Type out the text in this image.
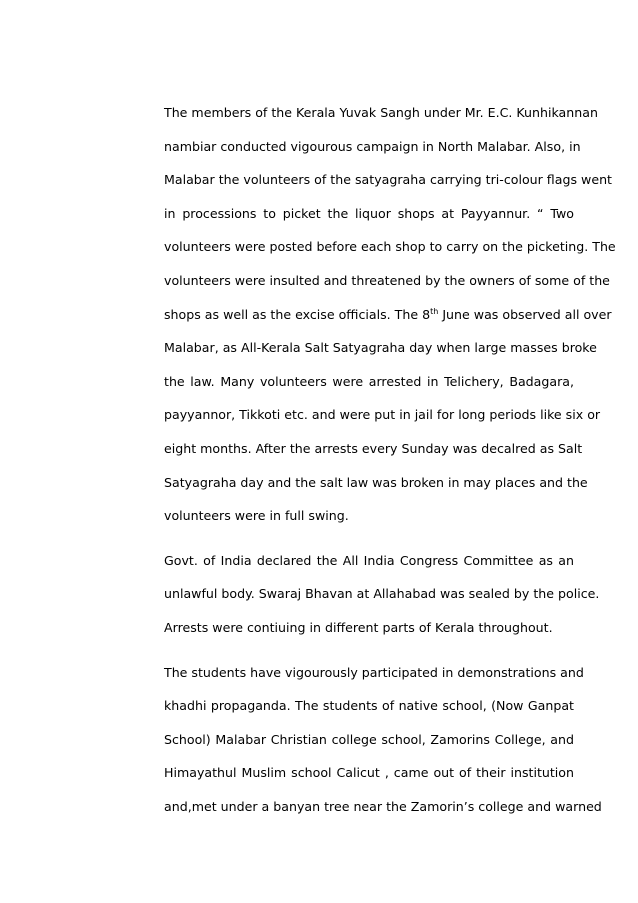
The members of the Kerala Yuvak Sangh under Mr. E.C. Kunhikannan
nambiar conducted vigourous campaign in North Malabar. Also, in
Malabar the volunteers of the satyagraha carrying tri-colour flags went
in processions to picket the liquor shops at Payyannur. “ Two
volunteers were posted before each shop to carry on the picketing. The
volunteers were insulted and threatened by the owners of some of the
shops as well as the excise officials. The 8th June was observed all over
Malabar, as All-Kerala Salt Satyagraha day when large masses broke
the law. Many volunteers were arrested in Telichery, Badagara,
payyannor, Tikkoti etc. and were put in jail for long periods like six or
eight months. After the arrests every Sunday was decalred as Salt
Satyagraha day and the salt law was broken in may places and the
volunteers were in full swing.
Govt. of India declared the All India Congress Committee as an
unlawful body. Swaraj Bhavan at Allahabad was sealed by the police.
Arrests were contiuing in different parts of Kerala throughout.
The students have vigourously participated in demonstrations and
khadhi propaganda. The students of native school, (Now Ganpat
School) Malabar Christian college school, Zamorins College, and
Himayathul Muslim school Calicut , came out of their institution
and,met under a banyan tree near the Zamorin’s college and warned
